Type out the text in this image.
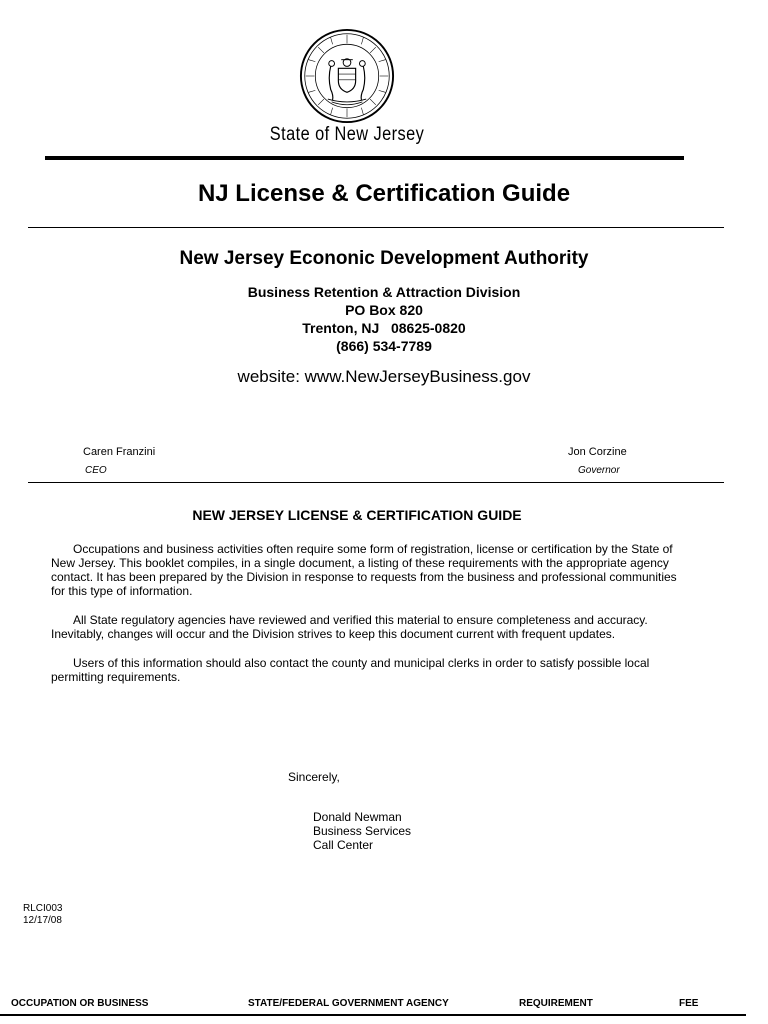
State of New Jersey
NJ License & Certification Guide
New Jersey Econonic Development Authority
Business Retention & Attraction Division
PO Box 820
Trenton, NJ   08625-0820
(866) 534-7789
website: www.NewJerseyBusiness.gov
Caren Franzini
CEO
Jon Corzine
Governor
NEW JERSEY LICENSE & CERTIFICATION GUIDE
Occupations and business activities often require some form of registration, license or certification by the State of New Jersey. This booklet compiles, in a single document, a listing of these requirements with the appropriate agency contact. It has been prepared by the Division in response to requests from the business and professional communities for this type of information.
All State regulatory agencies have reviewed and verified this material to ensure completeness and accuracy. Inevitably, changes will occur and the Division strives to keep this document current with frequent updates.
Users of this information should also contact the county and municipal clerks in order to satisfy possible local permitting requirements.
Sincerely,
Donald Newman
Business Services
Call Center
RLCI003
12/17/08
OCCUPATION OR BUSINESS	STATE/FEDERAL GOVERNMENT AGENCY	REQUIREMENT	FEE
